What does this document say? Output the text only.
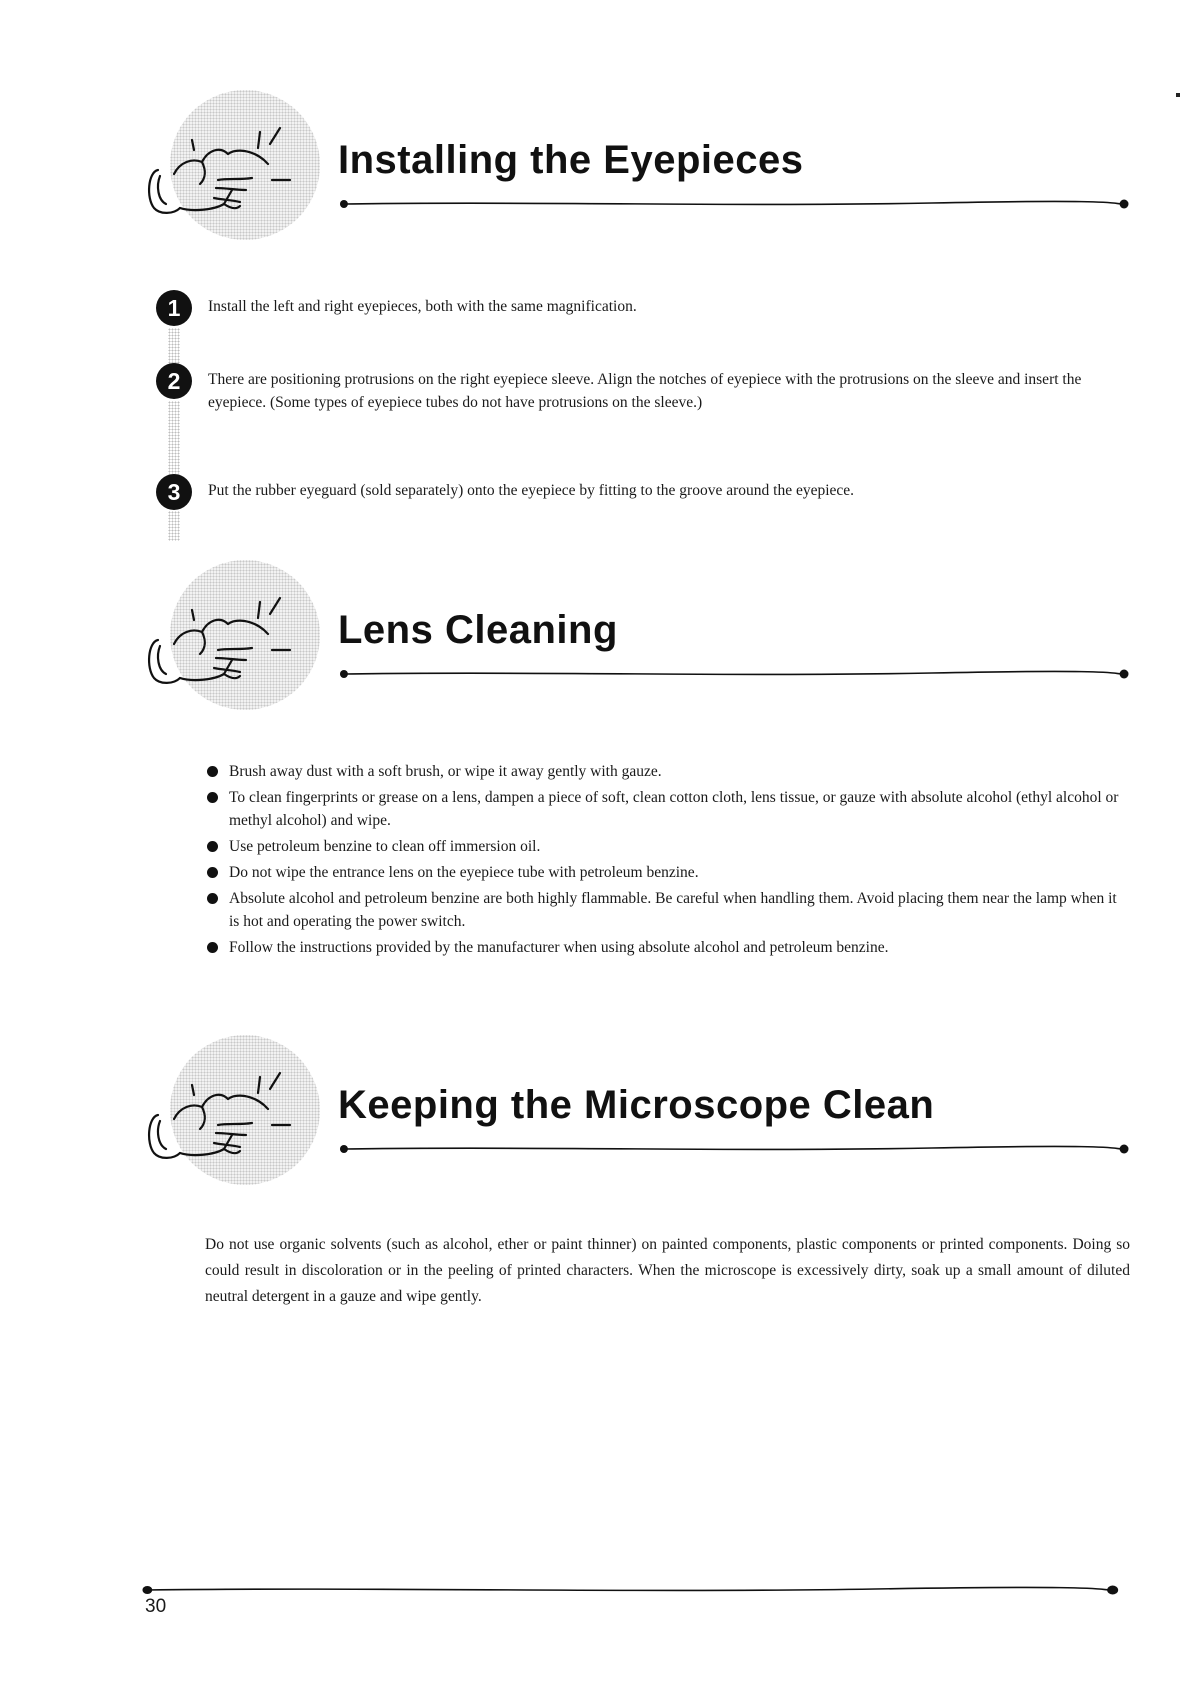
Installing the Eyepieces
1	Install the left and right eyepieces, both with the same magnification.

2	There are positioning protrusions on the right eyepiece sleeve. Align the notches of eyepiece with the protrusions on the sleeve and insert the eyepiece. (Some types of eyepiece tubes do not have protrusions on the sleeve.)

3	Put the rubber eyeguard (sold separately) onto the eyepiece by fitting to the groove around the eyepiece.

Lens Cleaning
Brush away dust with a soft brush, or wipe it away gently with gauze.
To clean fingerprints or grease on a lens, dampen a piece of soft, clean cotton cloth, lens tissue, or gauze with absolute alcohol (ethyl alcohol or methyl alcohol) and wipe.
Use petroleum benzine to clean off immersion oil.
Do not wipe the entrance lens on the eyepiece tube with petroleum benzine.
Absolute alcohol and petroleum benzine are both highly flammable. Be careful when handling them. Avoid placing them near the lamp when it is hot and operating the power switch.
Follow the instructions provided by the manufacturer when using absolute alcohol and petroleum benzine.
Keeping the Microscope Clean

Do not use organic solvents (such as alcohol, ether or paint thinner) on painted components, plastic components or printed components. Doing so could result in discoloration or in the peeling of printed characters. When the microscope is excessively dirty, soak up a small amount of diluted neutral detergent in a gauze and wipe gently.

30
